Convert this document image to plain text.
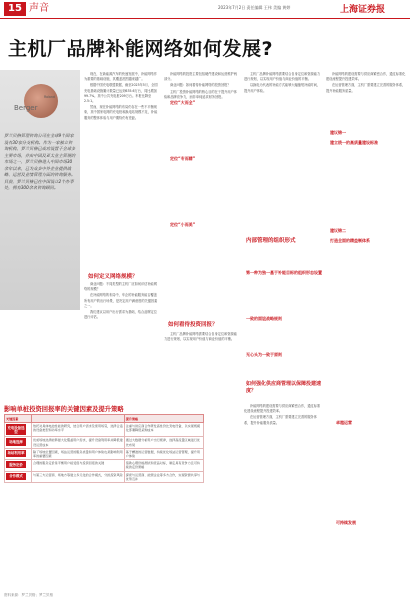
15 声音	2023年7月2日 责任编辑 王伟 美编 黄婷	上海证券报
主机厂品牌补能网络如何发展?
Roland
Berger
罗兰贝格管理咨询公司在全球9个国家设有30家分支机构。作为一家独立咨询机构，罗兰贝格已成功设置于全球多主要市场，并由中国及亚太业主管规的市场之一，罗兰贝格进入中国市场30余年以来，已为众多中外企业提供战略、运营及业绩管理方面的咨询服务。目前，罗兰贝格已在中国设立2个办事处，拥有300余名咨询顾问。

现在，在新能源汽车的快速发展中，补能网络作为重要的基础设施，其覆盖范围越来越广。

根据中国充电联盟数据，截至2023年5月，全国充电基础设施累计数量已达到635.6万台，同比增加99.7%。其中公共充电桩209万台。车桩比降至2.5:1。

然而，现在补能网络的布局仍存在一些不平衡现象，其中国家电网的充电桩和换电站规模不足，补能服务的整体体验与用户期待仍有差距。

如何定义网络规模？

商业问题：不同类型的主机厂应如何评估补能网络的规模？

在补能网络的布局中，车企的补能服务能否覆盖所有用户的出行场景，是决定用户满意度的关键因素之一。

我们建议以用户出行需求为基础，结合品牌定位进行评估。

如何看待投资回报？
定位“大而全”
定位“专而精”
定位“小而美”

补能网络的投资主要包括硬件建设和运营维护两部分。

商业问题：如何看待补能网络的投资回报？

主机厂投资补能网络的核心目的在于提升用户体验和品牌竞争力，而非单纯追求财务回报。

主机厂品牌补能网络需要结合自身定位和资源能力进行规划，以实现用户价值与商业价值的平衡。

主机厂品牌补能网络需要结合自身定位和资源能力进行规划，以实现用户价值与商业价值的平衡。

以换电为代表的补能方式能够大幅缩短补能时间，提升用户体验。

内部管理的组织形式
第一种为独一基于补能目标的组织形态设置
一致的面谊战略规则
无心头为一致于原则
如何强化供应商管理以保障投建速度？

补能网络的建设需要与供应商紧密合作，通过标准化建设流程提升投建效率。

在运营管理方面，主机厂需要建立完善的服务体系，提升补能服务质量。

补能网络的建设需要与供应商紧密合作，通过标准化建设流程提升投建效率。

在运营管理方面，主机厂需要建立完善的服务体系，提升补能服务质量。

建议锦一
建立统一的高质量建设标准
建议锦二
打造全面的精益制体系
卓越运营
可持续发展
影响单桩投资回报率的关键因素及提升策略
关键因素		提升策略
充电设备选型	依托对具体电池性能的研究，结合用户需求及使用场景，选择合适的设备类型和功率水平	注重与供应商合作研发高性价比充电设备，以实现规模化部署降低采购成本
场地选择	优质场地选择能够最大化覆盖用户需求，提升设备利用率并降低建设运营成本	通过大数据分析用户出行规律，选择高流量区域进行优先布局
场站利用率	除了场地位置因素，场站运营的服务质量和用户体验也是影响利用率的重要因素	基于精准的运营数据，持续优化场站运营管理，提升用户体验
服务定价	合理的服务定价是平衡用户接受度与投资回报的关键	借助心理价格测试和竞品对标，制定具有竞争力且可持续的定价策略
合作模式	与第三方运营商、场地方等建立多元化的合作模式，分担投资风险	探索与运营商、能源企业等多方合作，实现资源共享与优势互补
资料来源：罗兰贝格；罗兰贝格
